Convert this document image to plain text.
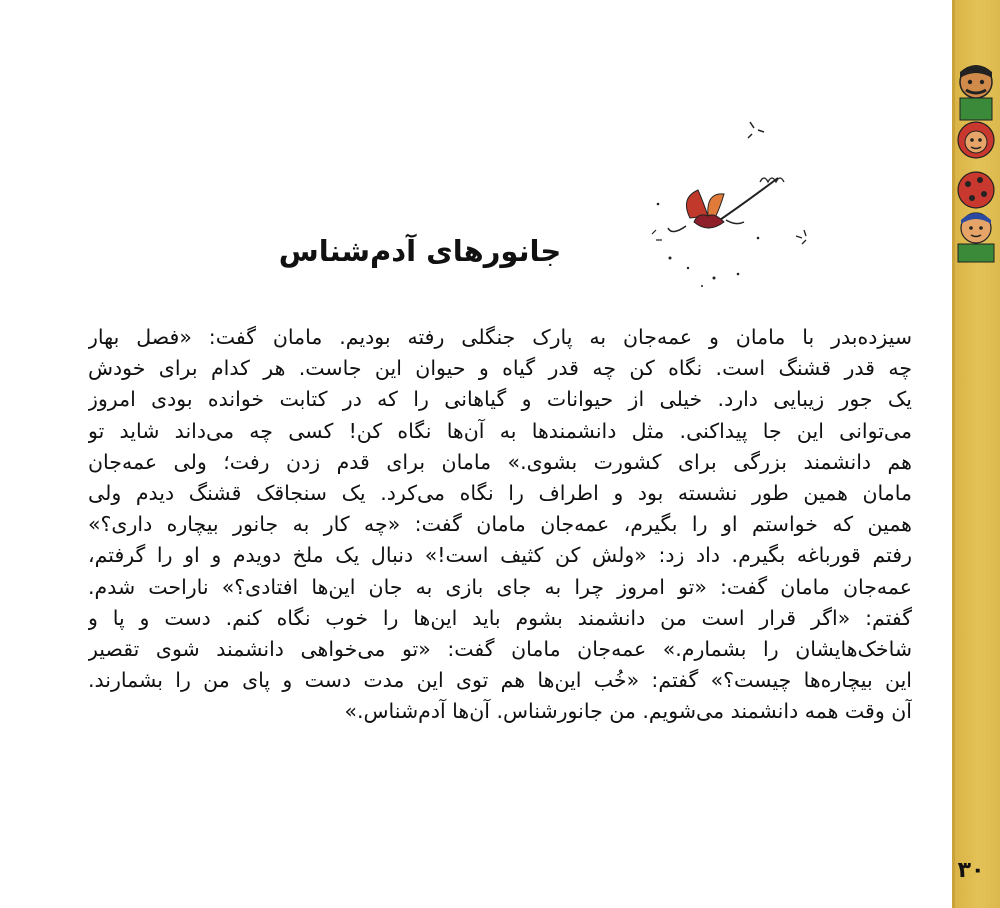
جانورهای آدم‌شناس
سیزده‌بدر با مامان و عمه‌جان به پارک جنگلی رفته بودیم. مامان گفت: «فصل بهار
چه قدر قشنگ است. نگاه کن چه قدر گیاه و حیوان این جاست. هر کدام برای خودش
یک جور زیبایی دارد. خیلی از حیوانات و گیاهانی را که در کتابت خوانده بودی امروز
می‌توانی این جا پیداکنی. مثل دانشمندها به آن‌ها نگاه کن! کسی چه می‌داند شاید تو
هم دانشمند بزرگی برای کشورت بشوی.» مامان برای قدم زدن رفت؛ ولی عمه‌جان
مامان همین طور نشسته بود و اطراف را نگاه می‌کرد. یک سنجاقک قشنگ دیدم ولی
همین که خواستم او را بگیرم، عمه‌جان مامان گفت: «چه کار به جانور بیچاره داری؟»
رفتم قورباغه بگیرم. داد زد: «ولش کن کثیف است!» دنبال یک ملخ دویدم و او را گرفتم،
عمه‌جان مامان گفت: «تو امروز چرا به جای بازی به جان این‌ها افتادی؟» ناراحت شدم.
گفتم: «اگر قرار است من دانشمند بشوم باید این‌ها را خوب نگاه کنم. دست و پا و
شاخک‌هایشان را بشمارم.» عمه‌جان مامان گفت: «تو می‌خواهی دانشمند شوی تقصیر
این بیچاره‌ها چیست؟» گفتم: «خُب این‌ها هم توی این مدت دست و پای من را بشمارند.
آن وقت همه دانشمند می‌شویم. من جانورشناس. آن‌ها آدم‌شناس.»
۳۰
